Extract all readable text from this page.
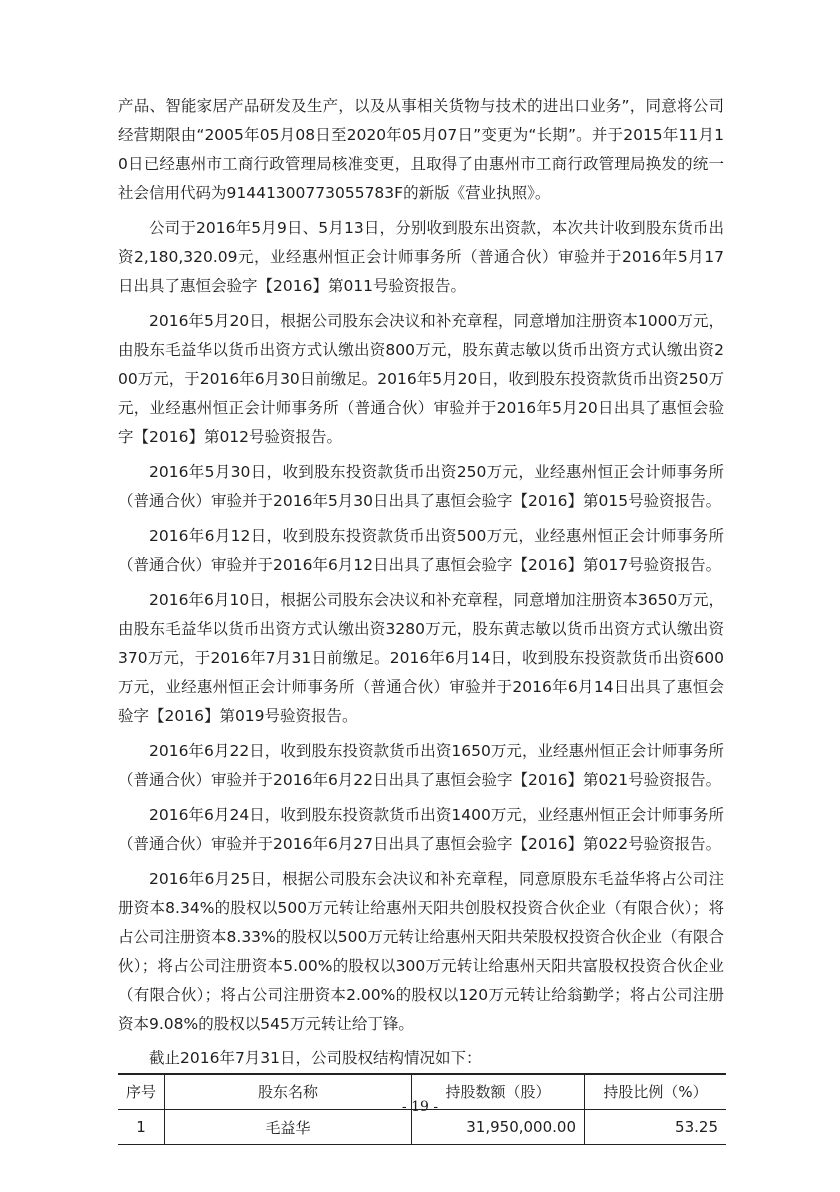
产品、智能家居产品研发及生产，以及从事相关货物与技术的进出口业务”，同意将公司经营期限由“2005年05月08日至2020年05月07日”变更为“长期”。并于2015年11月10日已经惠州市工商行政管理局核准变更，且取得了由惠州市工商行政管理局换发的统一社会信用代码为91441300773055783F的新版《营业执照》。

公司于2016年5月9日、5月13日，分别收到股东出资款，本次共计收到股东货币出资2,180,320.09元，业经惠州恒正会计师事务所（普通合伙）审验并于2016年5月17日出具了惠恒会验字【2016】第011号验资报告。

2016年5月20日，根据公司股东会决议和补充章程，同意增加注册资本1000万元，由股东毛益华以货币出资方式认缴出资800万元，股东黄志敏以货币出资方式认缴出资200万元，于2016年6月30日前缴足。2016年5月20日，收到股东投资款货币出资250万元，业经惠州恒正会计师事务所（普通合伙）审验并于2016年5月20日出具了惠恒会验字【2016】第012号验资报告。

2016年5月30日，收到股东投资款货币出资250万元，业经惠州恒正会计师事务所（普通合伙）审验并于2016年5月30日出具了惠恒会验字【2016】第015号验资报告。

2016年6月12日，收到股东投资款货币出资500万元，业经惠州恒正会计师事务所（普通合伙）审验并于2016年6月12日出具了惠恒会验字【2016】第017号验资报告。

2016年6月10日，根据公司股东会决议和补充章程，同意增加注册资本3650万元，由股东毛益华以货币出资方式认缴出资3280万元，股东黄志敏以货币出资方式认缴出资370万元，于2016年7月31日前缴足。2016年6月14日，收到股东投资款货币出资600万元，业经惠州恒正会计师事务所（普通合伙）审验并于2016年6月14日出具了惠恒会验字【2016】第019号验资报告。

2016年6月22日，收到股东投资款货币出资1650万元，业经惠州恒正会计师事务所（普通合伙）审验并于2016年6月22日出具了惠恒会验字【2016】第021号验资报告。

2016年6月24日，收到股东投资款货币出资1400万元，业经惠州恒正会计师事务所（普通合伙）审验并于2016年6月27日出具了惠恒会验字【2016】第022号验资报告。

2016年6月25日，根据公司股东会决议和补充章程，同意原股东毛益华将占公司注册资本8.34%的股权以500万元转让给惠州天阳共创股权投资合伙企业（有限合伙）；将占公司注册资本8.33%的股权以500万元转让给惠州天阳共荣股权投资合伙企业（有限合伙）；将占公司注册资本5.00%的股权以300万元转让给惠州天阳共富股权投资合伙企业（有限合伙）；将占公司注册资本2.00%的股权以120万元转让给翁勤学；将占公司注册资本9.08%的股权以545万元转让给丁锋。

截止2016年7月31日，公司股权结构情况如下：

序号	股东名称	持股数额（股）	持股比例（%）
1	毛益华	31,950,000.00	53.25
- 19 -
